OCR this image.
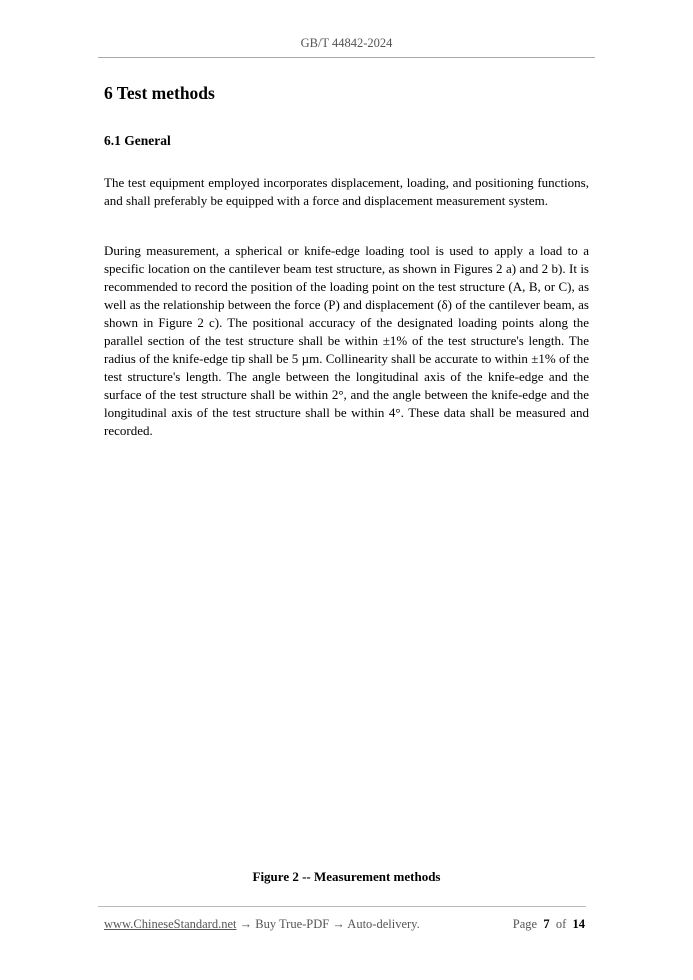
GB/T 44842-2024
6 Test methods
6.1 General

The test equipment employed incorporates displacement, loading, and positioning functions, and shall preferably be equipped with a force and displacement measurement system.

During measurement, a spherical or knife-edge loading tool is used to apply a load to a specific location on the cantilever beam test structure, as shown in Figures 2 a) and 2 b). It is recommended to record the position of the loading point on the test structure (A, B, or C), as well as the relationship between the force (P) and displacement (δ) of the cantilever beam, as shown in Figure 2 c). The positional accuracy of the designated loading points along the parallel section of the test structure shall be within ±1% of the test structure's length. The radius of the knife-edge tip shall be 5 µm. Collinearity shall be accurate to within ±1% of the test structure's length. The angle between the longitudinal axis of the knife-edge and the surface of the test structure shall be within 2°, and the angle between the knife-edge and the longitudinal axis of the test structure shall be within 4°. These data shall be measured and recorded.

Figure 2 -- Measurement methods
www.ChineseStandard.net → Buy True-PDF → Auto-delivery.	Page 7 of 14
